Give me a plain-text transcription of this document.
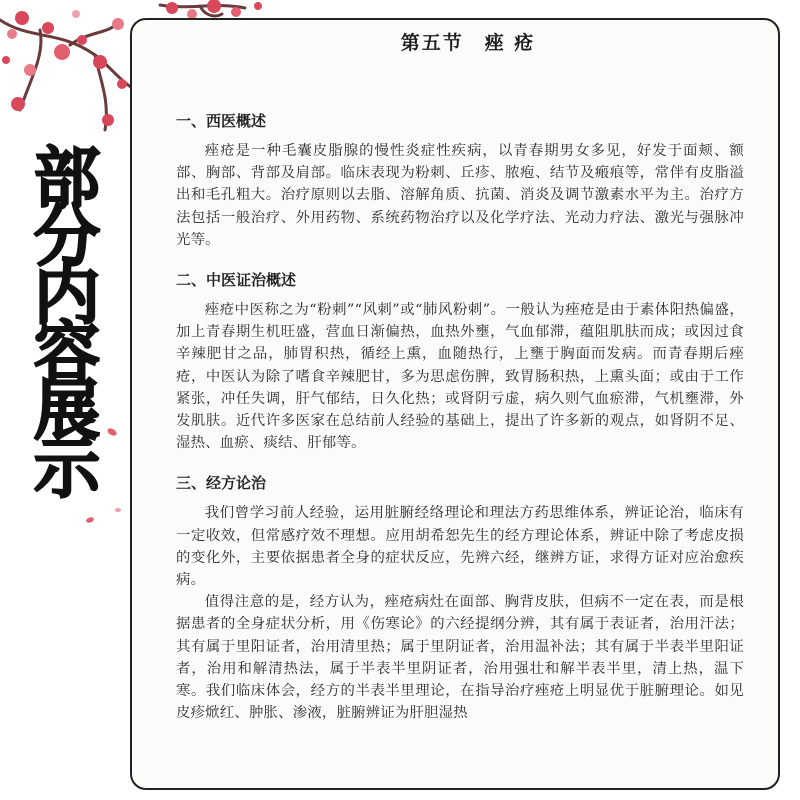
部
分
内
容
展
示
第五节　痤 疮
一、西医概述

痤疮是一种毛囊皮脂腺的慢性炎症性疾病，以青春期男女多见，好发于面颊、额部、胸部、背部及肩部。临床表现为粉刺、丘疹、脓疱、结节及瘢痕等，常伴有皮脂溢出和毛孔粗大。治疗原则以去脂、溶解角质、抗菌、消炎及调节激素水平为主。治疗方法包括一般治疗、外用药物、系统药物治疗以及化学疗法、光动力疗法、激光与强脉冲光等。

二、中医证治概述

痤疮中医称之为“粉刺”“风刺”或“肺风粉刺”。一般认为痤疮是由于素体阳热偏盛，加上青春期生机旺盛，营血日渐偏热，血热外壅，气血郁滞，蕴阻肌肤而成；或因过食辛辣肥甘之品，肺胃积热，循经上熏，血随热行，上壅于胸面而发病。而青春期后痤疮，中医认为除了嗜食辛辣肥甘，多为思虑伤脾，致胃肠积热，上熏头面；或由于工作紧张，冲任失调，肝气郁结，日久化热；或肾阴亏虚，病久则气血瘀滞，气机壅滞，外发肌肤。近代许多医家在总结前人经验的基础上，提出了许多新的观点，如肾阴不足、湿热、血瘀、痰结、肝郁等。

三、经方论治

我们曾学习前人经验，运用脏腑经络理论和理法方药思维体系，辨证论治，临床有一定收效，但常感疗效不理想。应用胡希恕先生的经方理论体系，辨证中除了考虑皮损的变化外，主要依据患者全身的症状反应，先辨六经，继辨方证，求得方证对应治愈疾病。

值得注意的是，经方认为，痤疮病灶在面部、胸背皮肤，但病不一定在表，而是根据患者的全身症状分析，用《伤寒论》的六经提纲分辨，其有属于表证者，治用汗法；其有属于里阳证者，治用清里热；属于里阴证者，治用温补法；其有属于半表半里阳证者，治用和解清热法，属于半表半里阴证者，治用强壮和解半表半里，清上热，温下寒。我们临床体会，经方的半表半里理论，在指导治疗痤疮上明显优于脏腑理论。如见皮疹焮红、肿胀、渗液，脏腑辨证为肝胆湿热
